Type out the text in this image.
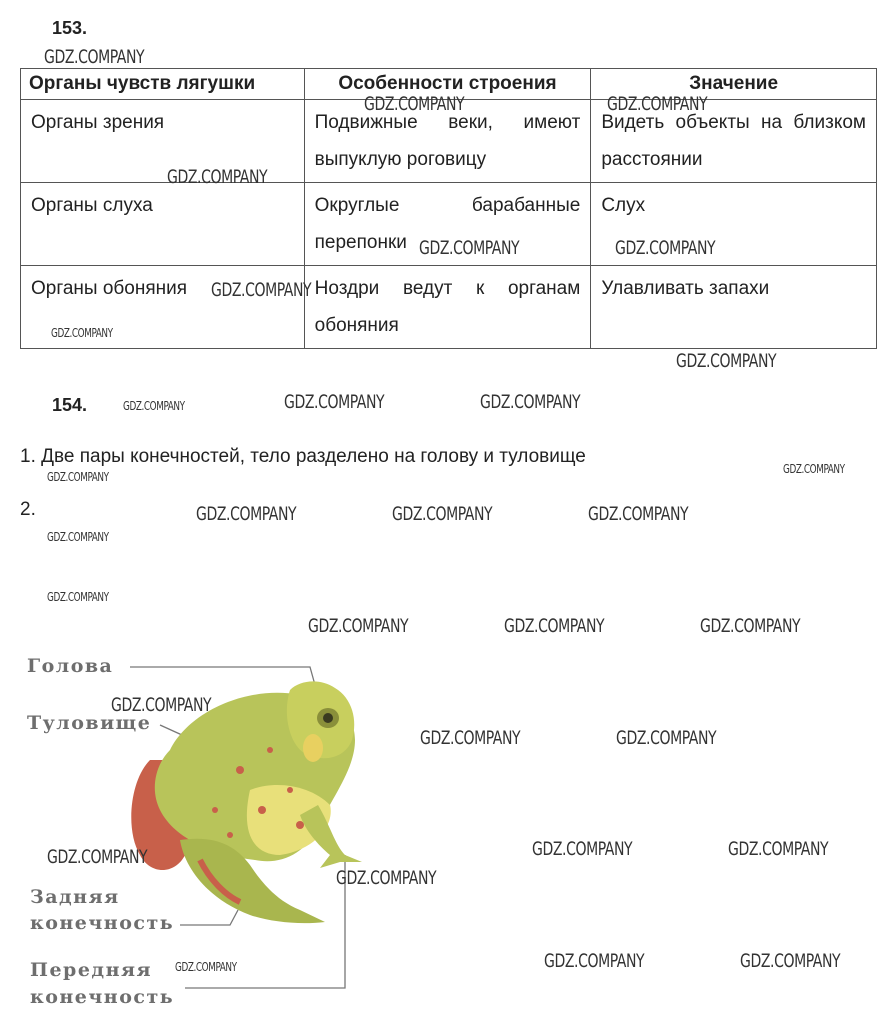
153.
Органы чувств лягушки	Особенности строения	Значение
Органы зрения	Подвижные веки, имеют выпуклую роговицу	Видеть объекты на близком расстоянии
Органы слуха	Округлые барабанные перепонки	Слух
Органы обоняния	Ноздри ведут к органам обоняния	Улавливать запахи
154.
1. Две пары конечностей, тело разделено на голову и туловище
2.
Голова
Туловище
Задняя
конечность
Передняя
конечность
GDZ.COMPANY
GDZ.COMPANY	GDZ.COMPANY
GDZ.COMPANY
GDZ.COMPANY	GDZ.COMPANY
GDZ.COMPANY
GDZ.COMPANY
GDZ.COMPANY
GDZ.COMPANY	GDZ.COMPANY	GDZ.COMPANY
GDZ.COMPANY
GDZ.COMPANY
GDZ.COMPANY	GDZ.COMPANY	GDZ.COMPANY
GDZ.COMPANY
GDZ.COMPANY
GDZ.COMPANY	GDZ.COMPANY	GDZ.COMPANY
GDZ.COMPANY
GDZ.COMPANY	GDZ.COMPANY
GDZ.COMPANY	GDZ.COMPANY
GDZ.COMPANY
GDZ.COMPANY
GDZ.COMPANY	GDZ.COMPANY	GDZ.COMPANY
